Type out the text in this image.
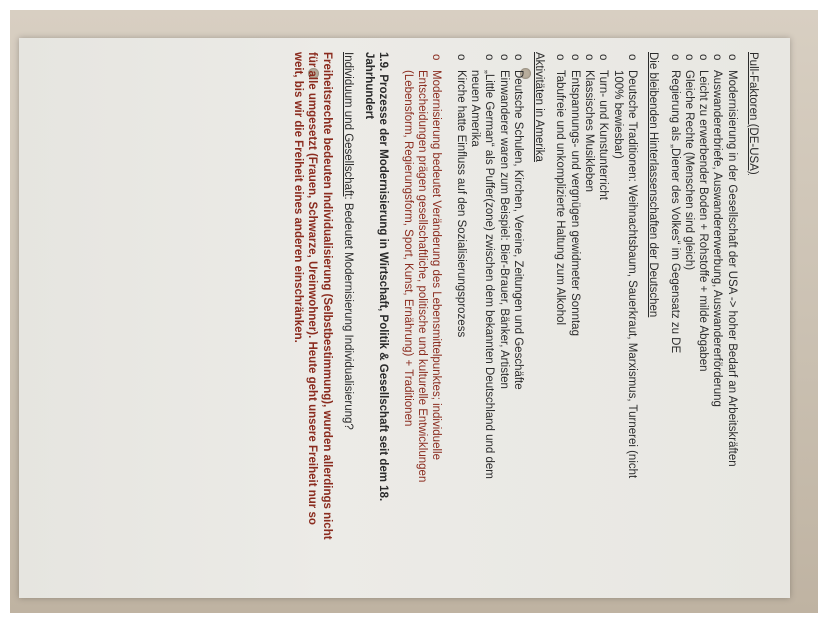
Pull-Faktoren (DE-USA)
o
Modernisierung in der Gesellschaft der USA -> hoher Bedarf an Arbeitskräften
o
Auswandererbriefe, Auswandererwerbung, Auswandererförderung
o
Leicht zu erwerbender Boden + Rohstoffe + milde Abgaben
o
Gleiche Rechte (Menschen sind gleich)
o
Regierung als „Diener des Volkes“ im Gegensatz zu DE
Die bleibenden Hinterlassenschaften der Deutschen
o
Deutsche Traditionen: Weihnachtsbaum, Sauerkraut, Marxismus, Turnerei (nicht
100% bewiesbar)
o
Turn- und Kunstunterricht
o
Klassisches Musikleben
o
Entspannungs- und vergnügen gewidmeter Sonntag
o
Tabufreie und unkomplizierte Haltung zum Alkohol
Aktivitäten in Amerika
o
Deutsche Schulen, Kirchen, Vereine, Zeitungen und Geschäfte
o
Einwanderer waren zum Beispiel: Bier-Brauer, Bänker, Artisten
o
„Little German“ als Puffer(zone) zwischen dem bekannten Deutschland und dem
neuen Amerika
o
Kirche hatte Einfluss auf den Sozialisierungsprozess
o
Modernisierung bedeutet Veränderung des Lebensmittelpunktes; individuelle
Entscheidungen prägen gesellschaftliche, politische und kulturelle Entwicklungen
(Lebensform, Regierungsform, Sport, Kunst, Ernährung) + Traditionen
1.9. Prozesse der Modernisierung in Wirtschaft, Politik & Gesellschaft seit dem 18.
Jahrhundert
Individuum und Gesellschaft: Bedeutet Modernisierung Individualisierung?
Freiheitsrechte bedeuten Individualisierung (Selbstbestimmung), wurden allerdings nicht
für alle umgesetzt (Frauen, Schwarze, Ureinwohner). Heute geht unsere Freiheit nur so
weit, bis wir die Freiheit eines anderen einschränken.
